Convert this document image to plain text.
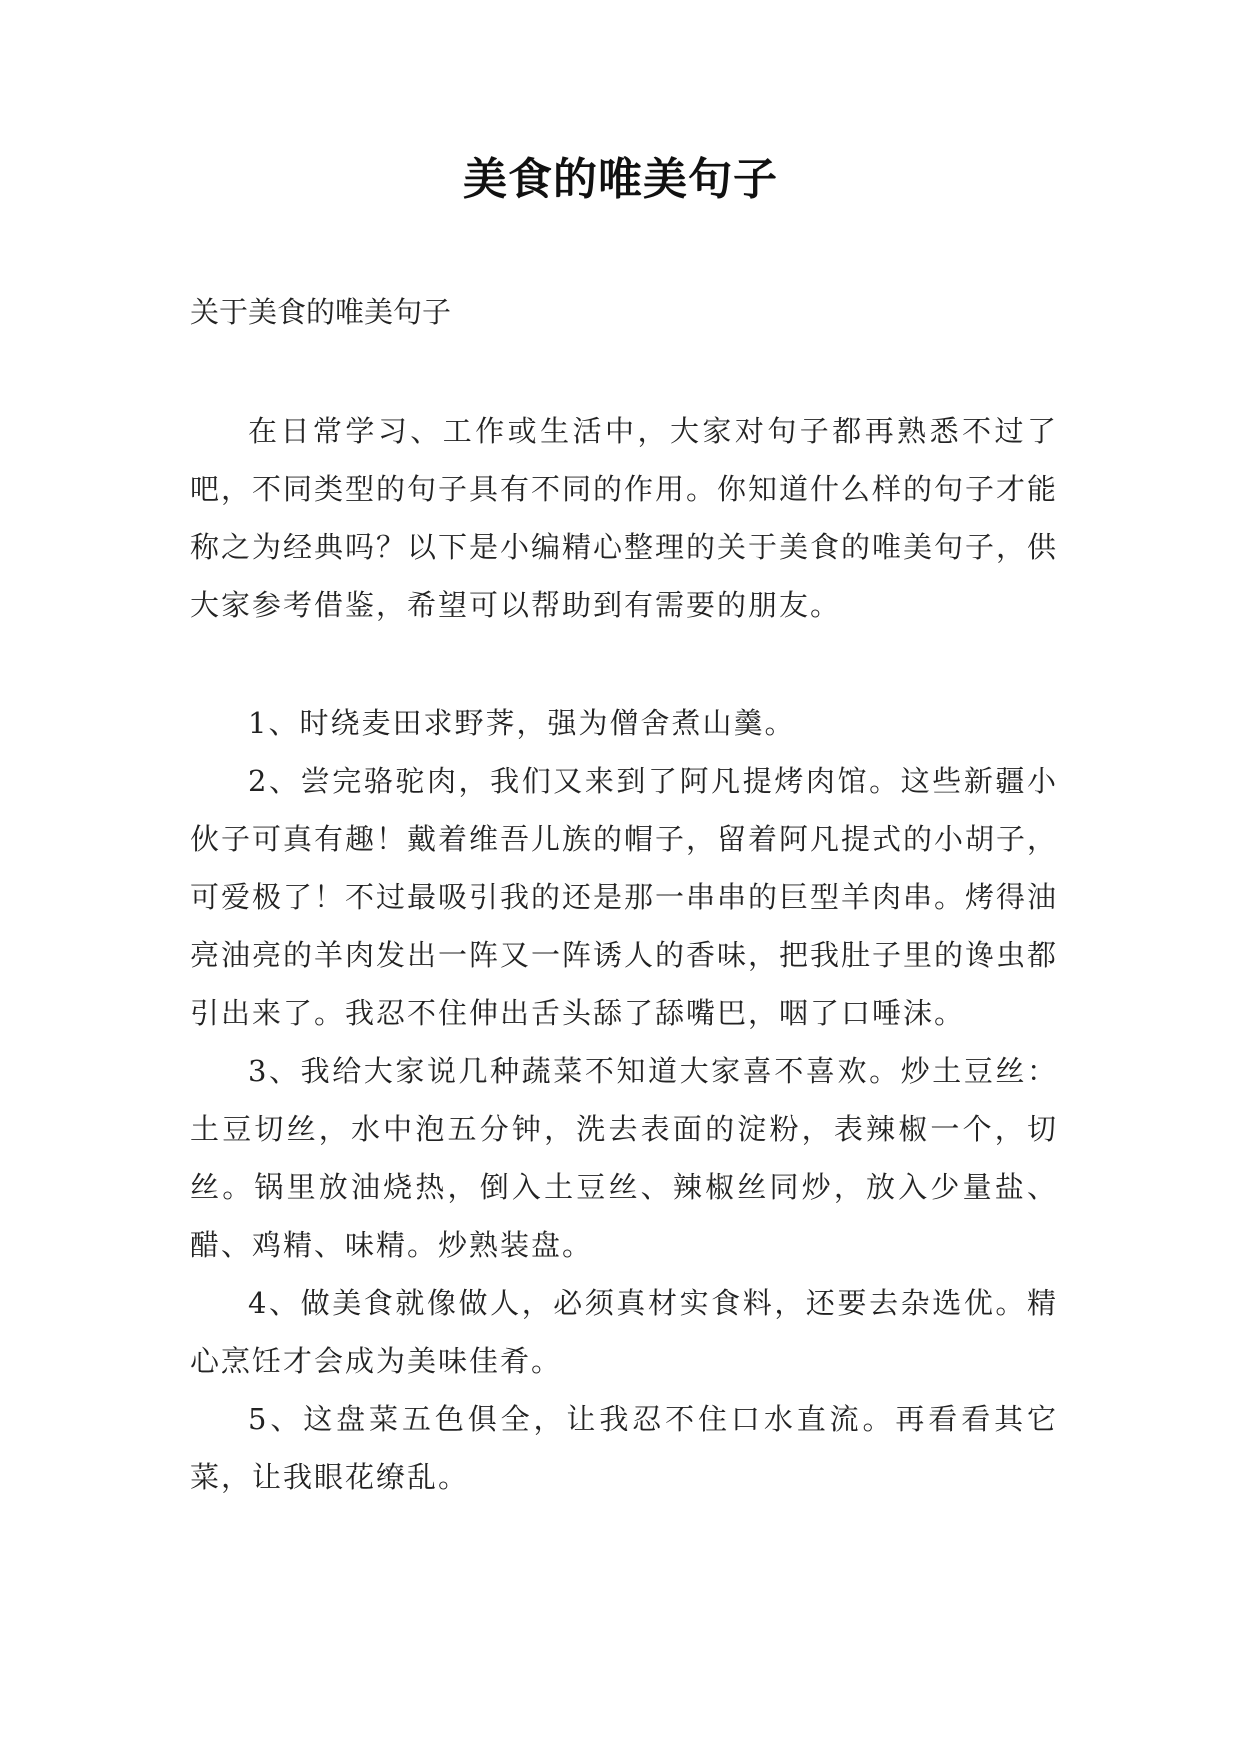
美食的唯美句子
关于美食的唯美句子

在日常学习、工作或生活中，大家对句子都再熟悉不过了吧，不同类型的句子具有不同的作用。你知道什么样的句子才能称之为经典吗？以下是小编精心整理的关于美食的唯美句子，供大家参考借鉴，希望可以帮助到有需要的朋友。

1、时绕麦田求野荠，强为僧舍煮山羹。

2、尝完骆驼肉，我们又来到了阿凡提烤肉馆。这些新疆小伙子可真有趣！戴着维吾儿族的帽子，留着阿凡提式的小胡子，可爱极了！不过最吸引我的还是那一串串的巨型羊肉串。烤得油亮油亮的羊肉发出一阵又一阵诱人的香味，把我肚子里的谗虫都引出来了。我忍不住伸出舌头舔了舔嘴巴，咽了口唾沫。

3、我给大家说几种蔬菜不知道大家喜不喜欢。炒土豆丝：土豆切丝，水中泡五分钟，洗去表面的淀粉，表辣椒一个，切丝。锅里放油烧热，倒入土豆丝、辣椒丝同炒，放入少量盐、醋、鸡精、味精。炒熟装盘。

4、做美食就像做人，必须真材实食料，还要去杂选优。精心烹饪才会成为美味佳肴。

5、这盘菜五色俱全，让我忍不住口水直流。再看看其它菜，让我眼花缭乱。
